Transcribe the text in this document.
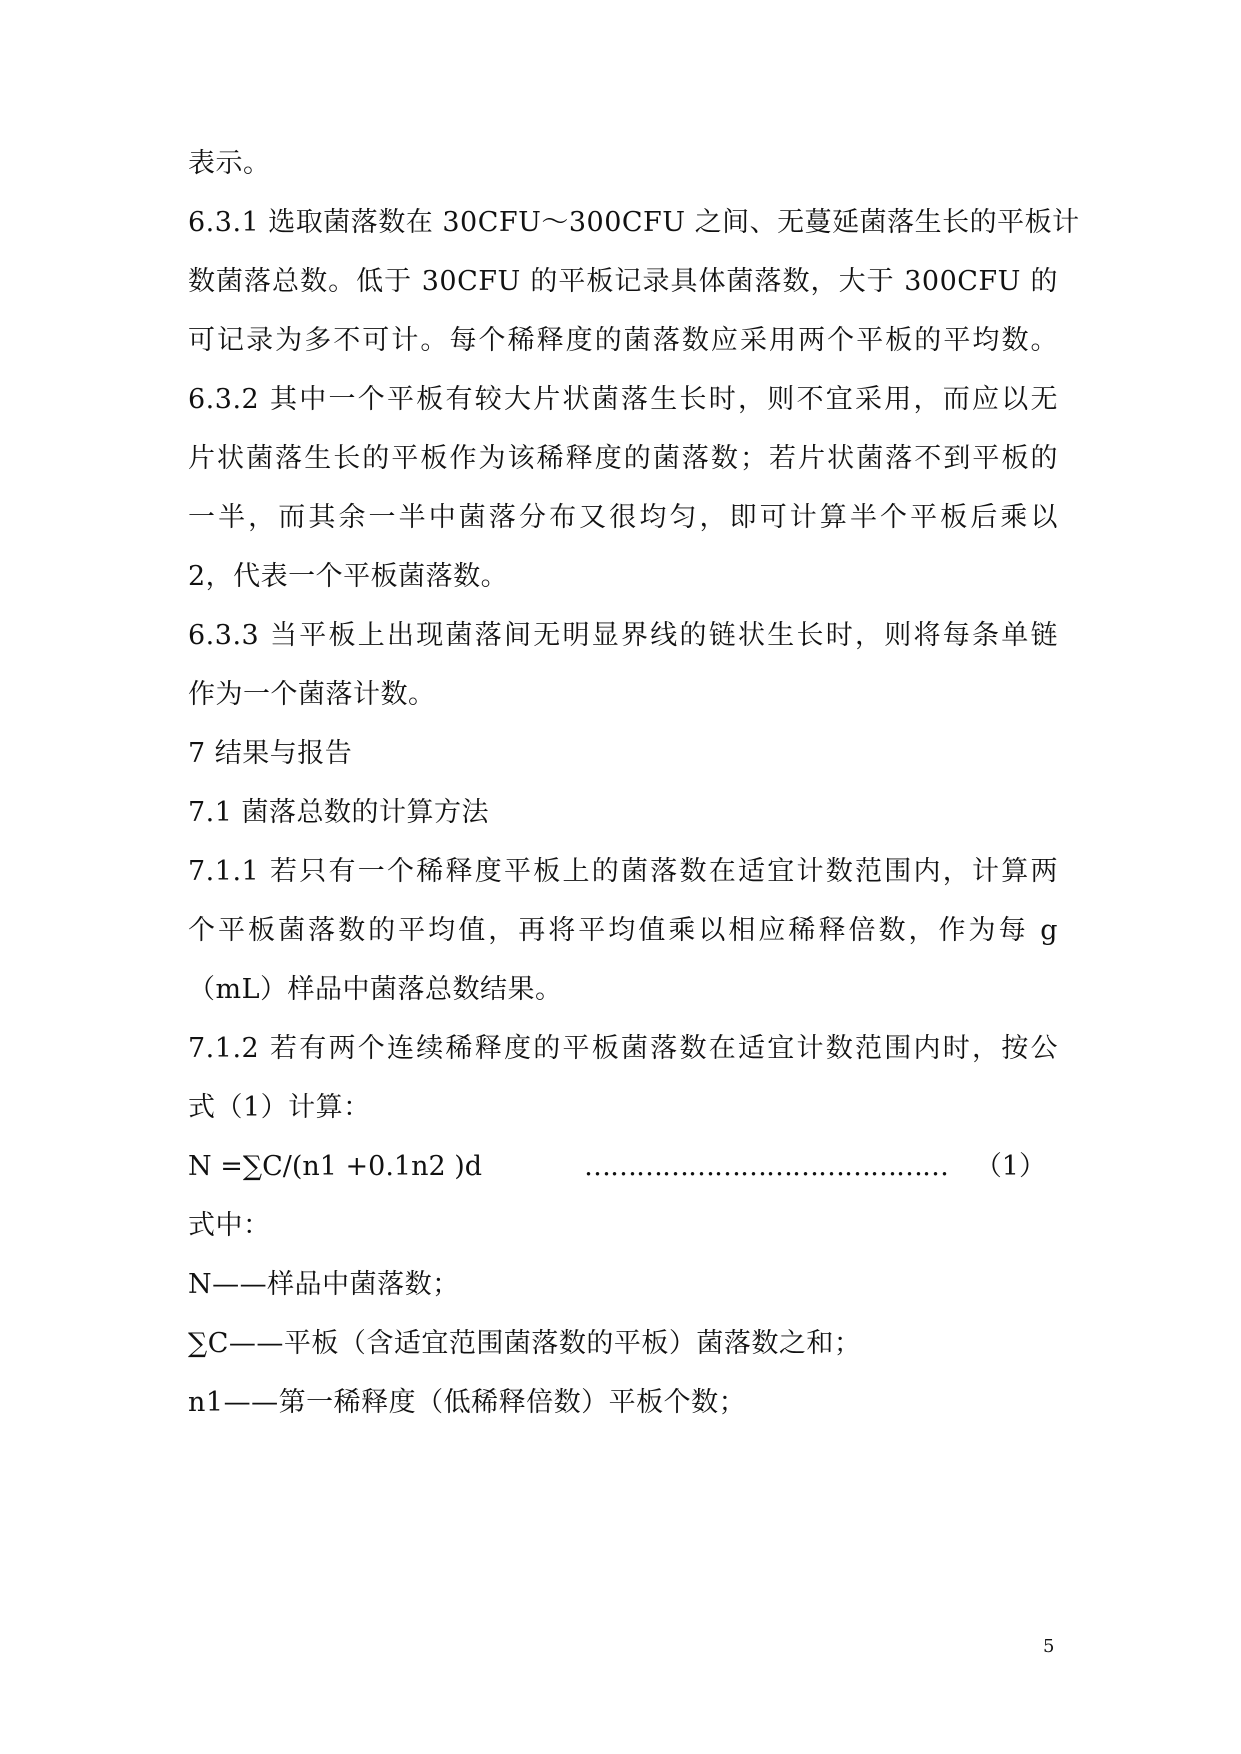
表示。
6.3.1 选取菌落数在 30CFU～300CFU 之间、无蔓延菌落生长的平板计
数菌落总数。低于 30CFU 的平板记录具体菌落数，大于 300CFU 的
可记录为多不可计。每个稀释度的菌落数应采用两个平板的平均数。
6.3.2 其中一个平板有较大片状菌落生长时，则不宜采用，而应以无
片状菌落生长的平板作为该稀释度的菌落数；若片状菌落不到平板的
一半，而其余一半中菌落分布又很均匀，即可计算半个平板后乘以
2，代表一个平板菌落数。
6.3.3 当平板上出现菌落间无明显界线的链状生长时，则将每条单链
作为一个菌落计数。
7 结果与报告
7.1 菌落总数的计算方法
7.1.1 若只有一个稀释度平板上的菌落数在适宜计数范围内，计算两
个平板菌落数的平均值，再将平均值乘以相应稀释倍数，作为每 g
（mL）样品中菌落总数结果。
7.1.2 若有两个连续稀释度的平板菌落数在适宜计数范围内时，按公
式（1）计算：
N =∑C/(n1 +0.1n2 )d	…………………………………… （1）
式中：
N——样品中菌落数；
∑C——平板（含适宜范围菌落数的平板）菌落数之和；
n1——第一稀释度（低稀释倍数）平板个数；
5
